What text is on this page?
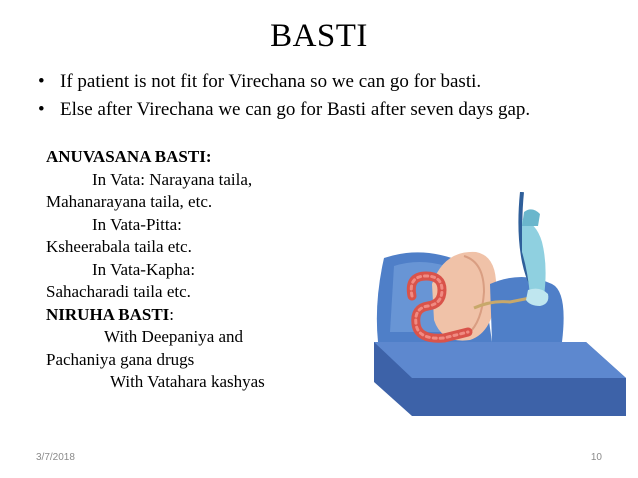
BASTI
• If patient is not fit for Virechana so we can go for basti.
• Else after Virechana we can go for Basti after seven days gap.
ANUVASANA BASTI:
In Vata: Narayana taila,
Mahanarayana taila, etc.
In Vata-Pitta:
Ksheerabala taila etc.
In Vata-Kapha:
Sahacharadi taila etc.
NIRUHA BASTI:
With Deepaniya and
Pachaniya gana drugs
With Vatahara kashyas
3/7/2018	10
